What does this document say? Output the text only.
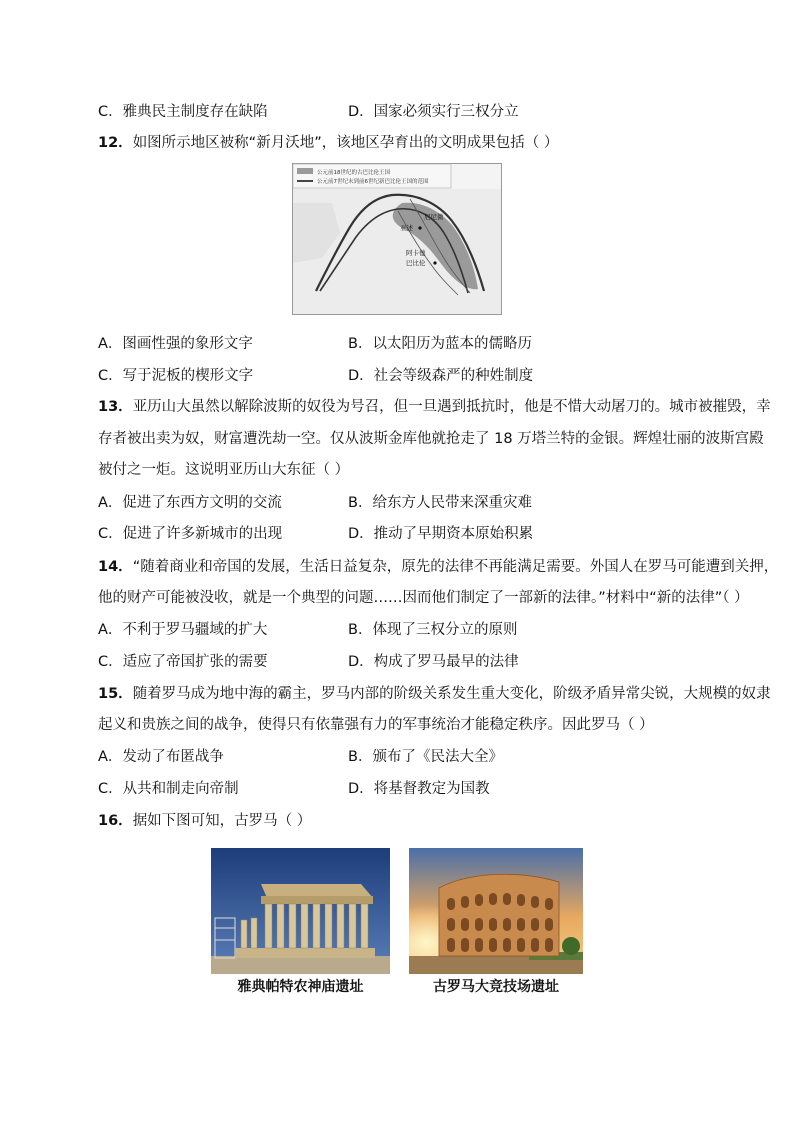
C．雅典民主制度存在缺陷	D．国家必须实行三权分立
12．如图所示地区被称“新月沃地”，该地区孕育出的文明成果包括（ ）
公元前18世纪的古巴比伦王国
公元前7世纪末到前6世纪新巴比伦王国的范围
尼尼微
亚述
阿卡德
巴比伦
A．图画性强的象形文字	B．以太阳历为蓝本的儒略历
C．写于泥板的楔形文字	D．社会等级森严的种姓制度
13．亚历山大虽然以解除波斯的奴役为号召，但一旦遇到抵抗时，他是不惜大动屠刀的。城市被摧毁，幸
存者被出卖为奴，财富遭洗劫一空。仅从波斯金库他就抢走了 18 万塔兰特的金银。辉煌壮丽的波斯宫殿
被付之一炬。这说明亚历山大东征（ ）
A．促进了东西方文明的交流	B．给东方人民带来深重灾难
C．促进了许多新城市的出现	D．推动了早期资本原始积累
14．“随着商业和帝国的发展，生活日益复杂，原先的法律不再能满足需要。外国人在罗马可能遭到关押，
他的财产可能被没收，就是一个典型的问题……因而他们制定了一部新的法律。”材料中“新的法律”（ ）
A．不利于罗马疆域的扩大	B．体现了三权分立的原则
C．适应了帝国扩张的需要	D．构成了罗马最早的法律
15．随着罗马成为地中海的霸主，罗马内部的阶级关系发生重大变化，阶级矛盾异常尖锐，大规模的奴隶
起义和贵族之间的战争，使得只有依靠强有力的军事统治才能稳定秩序。因此罗马（ ）
A．发动了布匿战争	B．颁布了《民法大全》
C．从共和制走向帝制	D．将基督教定为国教
16．据如下图可知，古罗马（ ）
雅典帕特农神庙遗址	古罗马大竞技场遗址
